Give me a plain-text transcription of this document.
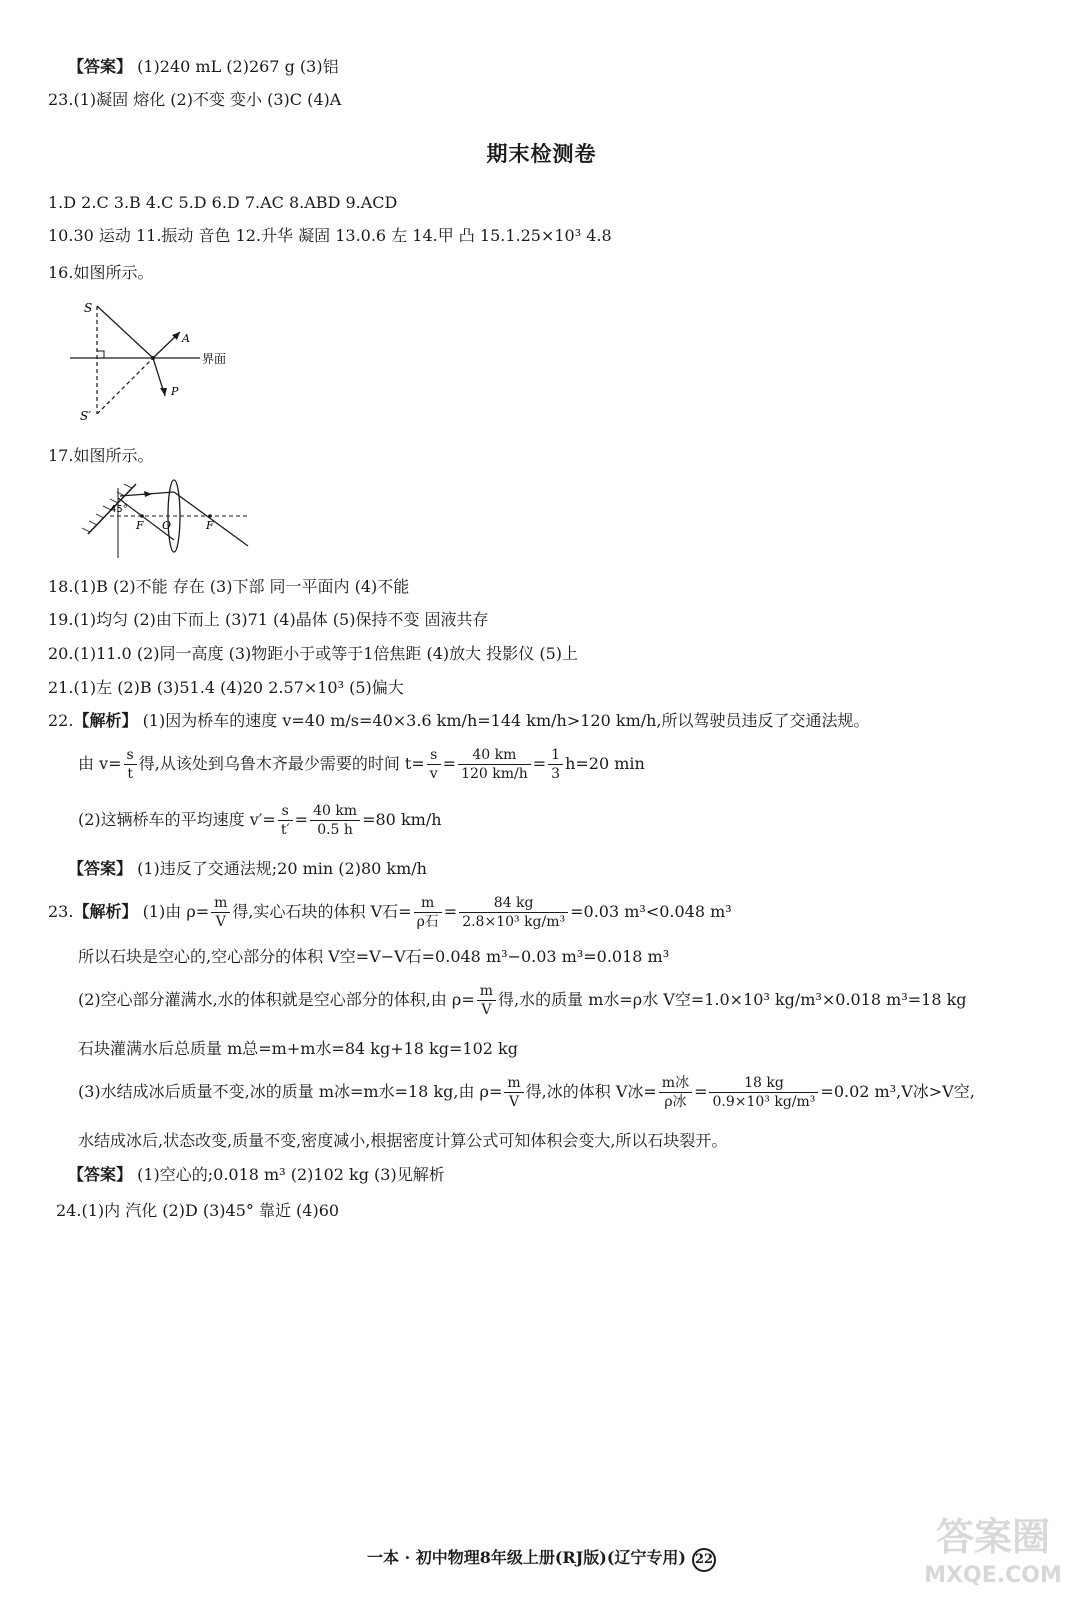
【答案】 (1)240 mL (2)267 g (3)铝
23.(1)凝固 熔化 (2)不变 变小 (3)C (4)A
期末检测卷
1.D 2.C 3.B 4.C 5.D 6.D 7.AC 8.ABD 9.ACD
10.30 运动 11.振动 音色 12.升华 凝固 13.0.6 左 14.甲 凸 15.1.25×10³ 4.8
16.如图所示。
S
S′
A
P
界面
17.如图所示。
45°
F O	F
18.(1)B (2)不能 存在 (3)下部 同一平面内 (4)不能
19.(1)均匀 (2)由下而上 (3)71 (4)晶体 (5)保持不变 固液共存
20.(1)11.0 (2)同一高度 (3)物距小于或等于1倍焦距 (4)放大 投影仪 (5)上
21.(1)左 (2)B (3)51.4 (4)20 2.57×10³ (5)偏大
22.【解析】 (1)因为桥车的速度 v=40 m/s=40×3.6 km/h=144 km/h>120 km/h,所以驾驶员违反了交通法规。
由 $v= \frac{s}{t}$ 得,从该处到乌鲁木齐最少需要的时间 $t= \frac{s}{v} = \frac{40 km}{120 km/h} = \frac{1}{3} h=20$ min
(2)这辆桥车的平均速度 $v'= \frac{s}{t'} = \frac{40 km}{0.5 h} =80$ km/h
【答案】 (1)违反了交通法规;20 min (2)80 km/h
23.【解析】 (1)由 $\rho= \frac{m}{V}$ 得,实心石块的体积 V石= $\frac{m}{\text{ρ石}} = \frac{84 kg}{\text{2.8×10³ kg/m³}} =0.03$ m³<0.048 m³
所以石块是空心的,空心部分的体积 V空=V−V石=0.048 m³−0.03 m³=0.018 m³
(2)空心部分灌满水,水的体积就是空心部分的体积,由 $\rho= \frac{m}{V}$ 得,水的质量 m水=ρ水 V空=1.0×10³ kg/m³×0.018 m³=18 kg
石块灌满水后总质量 m总=m+m水=84 kg+18 kg=102 kg
(3)水结成冰后质量不变,冰的质量 m冰=m水=18 kg,由 $\rho= \frac{m}{V}$ 得,冰的体积 V冰= $\frac{\text{m冰}}{\text{ρ冰}} = \frac{18 kg}{\text{0.9×10³ kg/m³}} =0.02$ m³,V冰>V空,
水结成冰后,状态改变,质量不变,密度减小,根据密度计算公式可知体积会变大,所以石块裂开。
【答案】 (1)空心的;0.018 m³ (2)102 kg (3)见解析
24.(1)内 汽化 (2)D (3)45° 靠近 (4)60
一本 · 初中物理8年级上册(RJ版)(辽宁专用) 22
答案圈
MXQE.COM
